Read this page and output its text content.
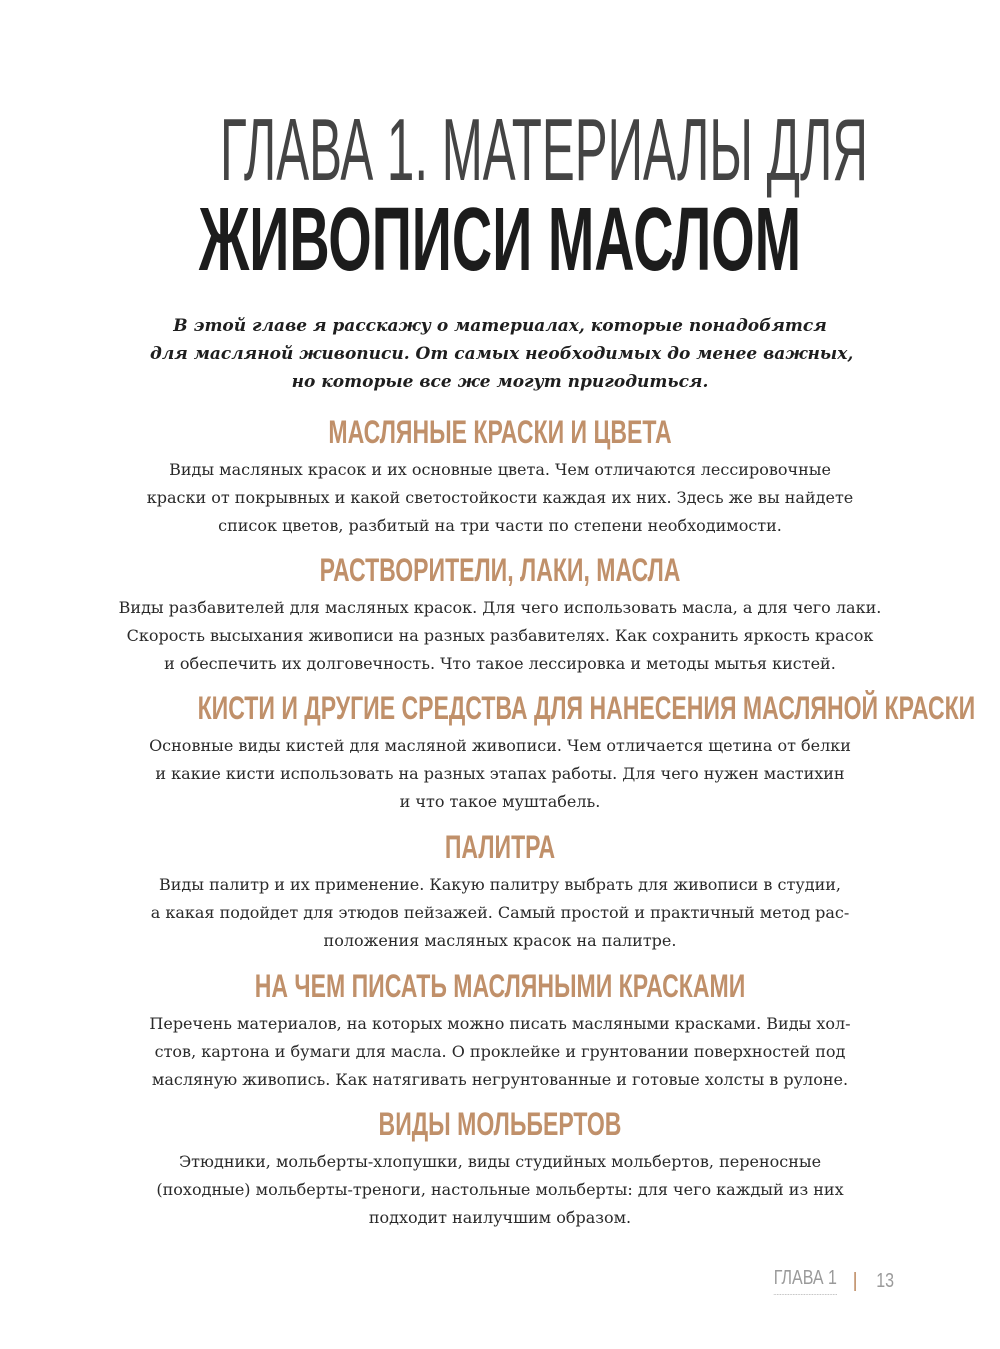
ГЛАВА 1. МАТЕРИАЛЫ ДЛЯ
ЖИВОПИСИ МАСЛОМ
В этой главе я расскажу о материалах, которые понадобятся
для масляной живописи. От самых необходимых до менее важных,
но которые все же могут пригодиться.
МАСЛЯНЫЕ КРАСКИ И ЦВЕТА
Виды масляных красок и их основные цвета. Чем отличаются лессировочные
краски от покрывных и какой светостойкости каждая их них. Здесь же вы найдете
список цветов, разбитый на три части по степени необходимости.
РАСТВОРИТЕЛИ, ЛАКИ, МАСЛА
Виды разбавителей для масляных красок. Для чего использовать масла, а для чего лаки.
Скорость высыхания живописи на разных разбавителях. Как сохранить яркость красок
и обеспечить их долговечность. Что такое лессировка и методы мытья кистей.
КИСТИ И ДРУГИЕ СРЕДСТВА ДЛЯ НАНЕСЕНИЯ МАСЛЯНОЙ КРАСКИ
Основные виды кистей для масляной живописи. Чем отличается щетина от белки
и какие кисти использовать на разных этапах работы. Для чего нужен мастихин
и что такое муштабель.
ПАЛИТРА
Виды палитр и их применение. Какую палитру выбрать для живописи в студии,
а какая подойдет для этюдов пейзажей. Самый простой и практичный метод рас-
положения масляных красок на палитре.
НА ЧЕМ ПИСАТЬ МАСЛЯНЫМИ КРАСКАМИ
Перечень материалов, на которых можно писать масляными красками. Виды хол-
стов, картона и бумаги для масла. О проклейке и грунтовании поверхностей под
масляную живопись. Как натягивать негрунтованные и готовые холсты в рулоне.
ВИДЫ МОЛЬБЕРТОВ
Этюдники, мольберты-хлопушки, виды студийных мольбертов, переносные
(походные) мольберты-треноги, настольные мольберты: для чего каждый из них
подходит наилучшим образом.
ГЛАВА 1 | 13
